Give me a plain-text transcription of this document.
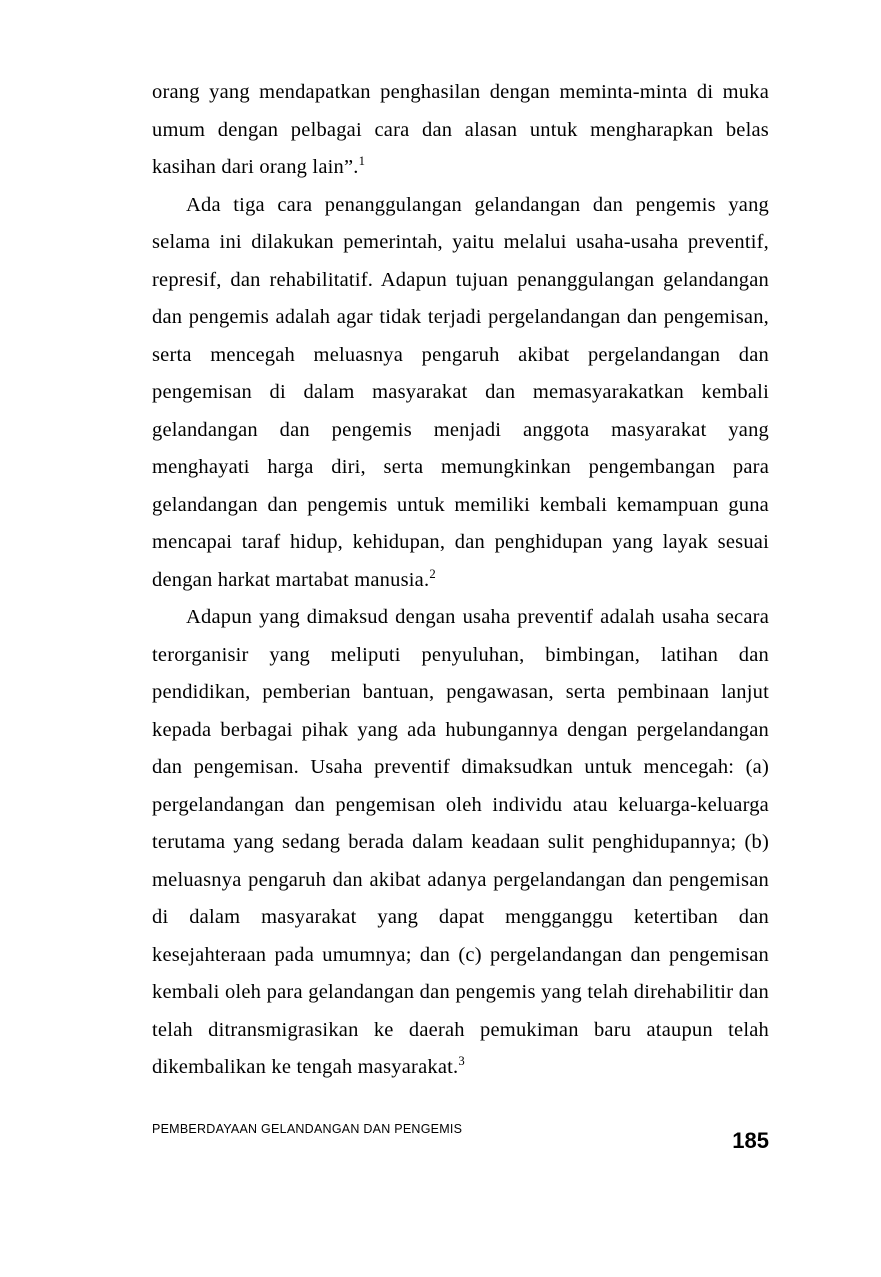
orang yang mendapatkan penghasilan dengan meminta-minta di muka umum dengan pelbagai cara dan alasan untuk mengharapkan belas kasihan dari orang lain”.$^1$

Ada tiga cara penanggulangan gelandangan dan pengemis yang selama ini dilakukan pemerintah, yaitu melalui usaha-usaha preventif, represif, dan rehabilitatif. Adapun tujuan penanggulangan gelandangan dan pengemis adalah agar tidak terjadi pergelandangan dan pengemisan, serta mencegah meluasnya pengaruh akibat pergelandangan dan pengemisan di dalam masyarakat dan memasyarakatkan kembali gelandangan dan pengemis menjadi anggota masyarakat yang menghayati harga diri, serta memungkinkan pengembangan para gelandangan dan pengemis untuk memiliki kembali kemampuan guna mencapai taraf hidup, kehidupan, dan penghidupan yang layak sesuai dengan harkat martabat manusia.$^2$

Adapun yang dimaksud dengan usaha preventif adalah usaha secara terorganisir yang meliputi penyuluhan, bimbingan, latihan dan pendidikan, pemberian bantuan, pengawasan, serta pembinaan lanjut kepada berbagai pihak yang ada hubungannya dengan pergelandangan dan pengemisan. Usaha preventif dimaksudkan untuk mencegah: (a) pergelandangan dan pengemisan oleh individu atau keluarga-keluarga terutama yang sedang berada dalam keadaan sulit penghidupannya; (b) meluasnya pengaruh dan akibat adanya pergelandangan dan pengemisan di dalam masyarakat yang dapat mengganggu ketertiban dan kesejahteraan pada umumnya; dan (c) pergelandangan dan pengemisan kembali oleh para gelandangan dan pengemis yang telah direhabilitir dan telah ditransmigrasikan ke daerah pemukiman baru ataupun telah dikembalikan ke tengah masyarakat.$^3$

PEMBERDAYAAN GELANDANGAN DAN PENGEMIS	185
